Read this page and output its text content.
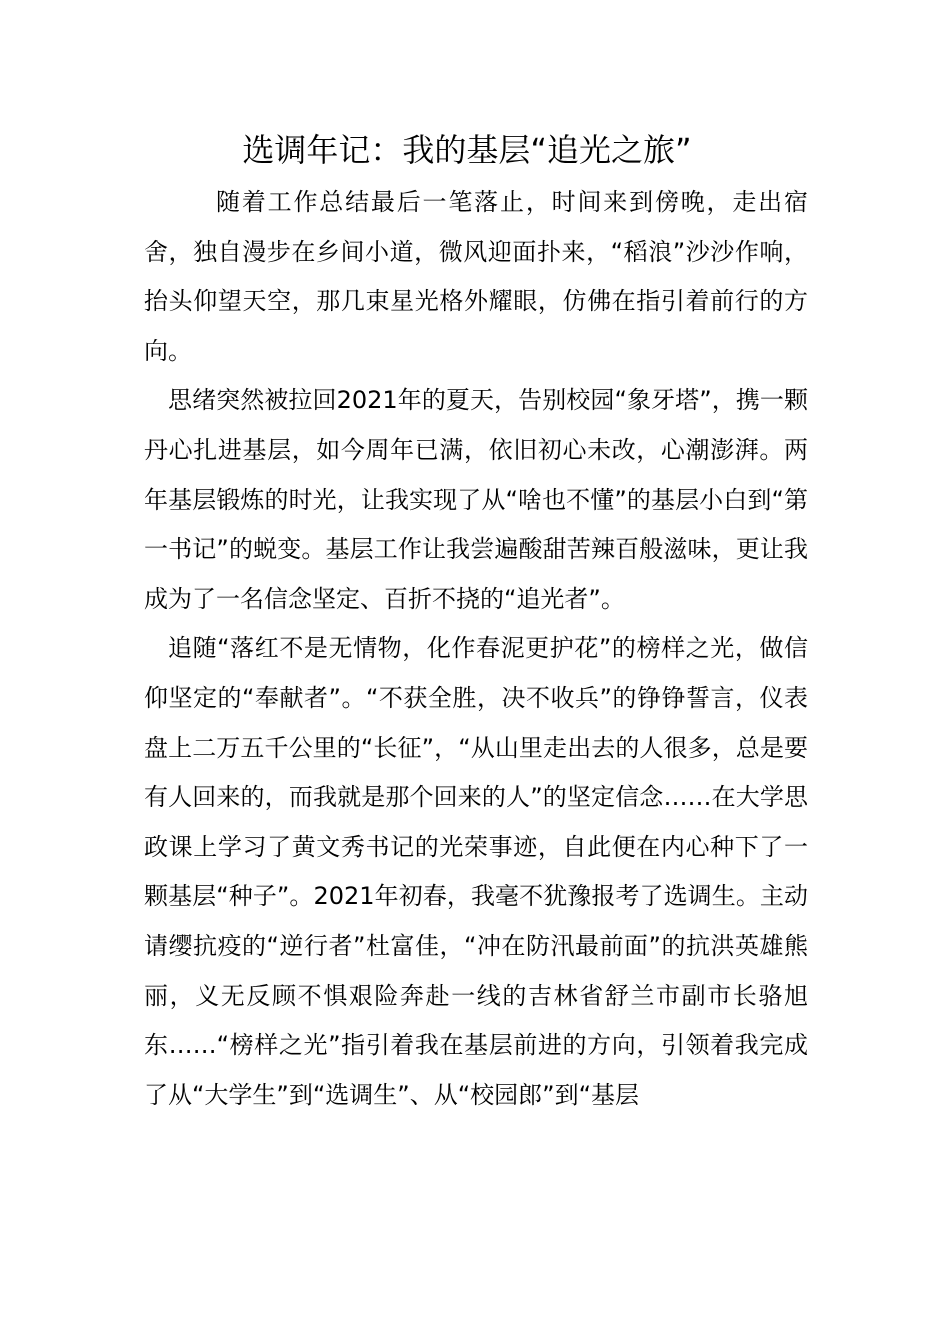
选调年记：我的基层“追光之旅”

随着工作总结最后一笔落止，时间来到傍晚，走出宿舍，独自漫步在乡间小道，微风迎面扑来，“稻浪”沙沙作响，抬头仰望天空，那几束星光格外耀眼，仿佛在指引着前行的方向。

思绪突然被拉回2021年的夏天，告别校园“象牙塔”，携一颗丹心扎进基层，如今周年已满，依旧初心未改，心潮澎湃。两年基层锻炼的时光，让我实现了从“啥也不懂”的基层小白到“第一书记”的蜕变。基层工作让我尝遍酸甜苦辣百般滋味，更让我成为了一名信念坚定、百折不挠的“追光者”。

追随“落红不是无情物，化作春泥更护花”的榜样之光，做信仰坚定的“奉献者”。“不获全胜，决不收兵”的铮铮誓言，仪表盘上二万五千公里的“长征”，“从山里走出去的人很多，总是要有人回来的，而我就是那个回来的人”的坚定信念……在大学思政课上学习了黄文秀书记的光荣事迹，自此便在内心种下了一颗基层“种子”。2021年初春，我毫不犹豫报考了选调生。主动请缨抗疫的“逆行者”杜富佳，“冲在防汛最前面”的抗洪英雄熊丽，义无反顾不惧艰险奔赴一线的吉林省舒兰市副市长骆旭东……“榜样之光”指引着我在基层前进的方向，引领着我完成了从“大学生”到“选调生”、从“校园郎”到“基层
